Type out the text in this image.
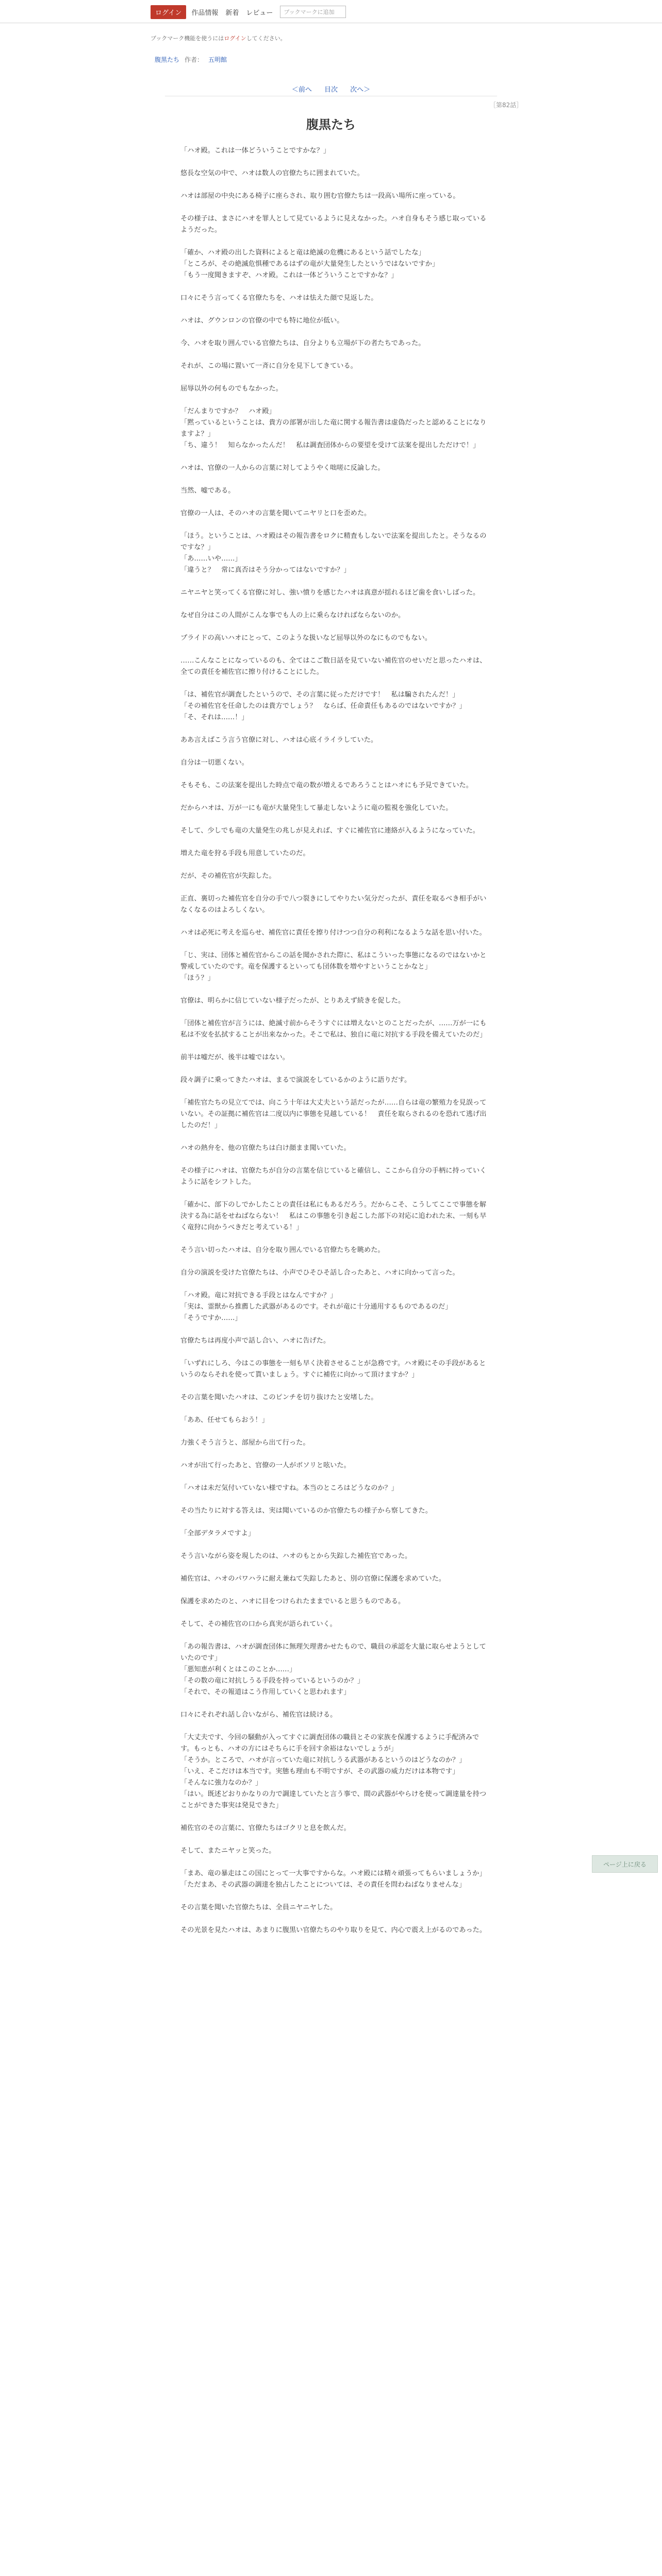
ログイン	作品情報 新着 レビュー	ブックマークに追加
ブックマーク機能を使うにはログインしてください。
腹黒たち 作者： 五明館
＜前へ 目次 次へ＞
［第82話］
腹黒たち

「ハオ殿。これは一体どういうことですかな？」

悠長な空気の中で、ハオは数人の官僚たちに囲まれていた。

ハオは部屋の中央にある椅子に座らされ、取り囲む官僚たちは一段高い場所に座っている。

その様子は、まさにハオを罪人として見ているように見えなかった。ハオ自身もそう感じ取っているようだった。

「確か、ハオ殿の出した資料によると竜は絶滅の危機にあるという話でしたな」
「ところが、その絶滅危惧種であるはずの竜が大量発生したというではないですか」
「もう一度聞きますぞ、ハオ殿。これは一体どういうことですかな？」

口々にそう言ってくる官僚たちを、ハオは怯えた顔で見返した。

ハオは、グウンロンの官僚の中でも特に地位が低い。

今、ハオを取り囲んでいる官僚たちは、自分よりも立場が下の者たちであった。

それが、この場に置いて一斉に自分を見下してきている。

屈辱以外の何ものでもなかった。

「だんまりですか？　ハオ殿」
「黙っているということは、貴方の部署が出した竜に関する報告書は虚偽だったと認めることになりますよ？」
「ち、違う！　知らなかったんだ！　私は調査団体からの要望を受けて法案を提出しただけで！」

ハオは、官僚の一人からの言葉に対してようやく咄嗟に反論した。

当然、嘘である。

官僚の一人は、そのハオの言葉を聞いてニヤリと口を歪めた。

「ほう。ということは、ハオ殿はその報告書をロクに精査もしないで法案を提出したと。そうなるのですな？」
「あ……いや……」
「違うと？　常に真否はそう分かってはないですか？」

ニヤニヤと笑ってくる官僚に対し、強い憤りを感じたハオは真意が揺れるほど歯を食いしばった。

なぜ自分はこの人間がこんな事でも人の上に乗らなければならないのか。

プライドの高いハオにとって、このような扱いなど屈辱以外のなにものでもない。

……こんなことになっているのも、全てはこご数日話を見ていない補佐官のせいだと思ったハオは、全ての責任を補佐官に擦り付けることにした。

「は、補佐官が調査したというので、その言葉に従っただけです！　私は騙されたんだ！」
「その補佐官を任命したのは貴方でしょう？　ならば、任命責任もあるのではないですか？」
「そ、それは……！」

ああ言えばこう言う官僚に対し、ハオは心底イライラしていた。

自分は一切悪くない。

そもそも、この法案を提出した時点で竜の数が増えるであろうことはハオにも予見できていた。

だからハオは、万が一にも竜が大量発生して暴走しないように竜の監視を強化していた。

そして、少しでも竜の大量発生の兆しが見えれば、すぐに補佐官に連絡が入るようになっていた。

増えた竜を狩る手段も用意していたのだ。

だが、その補佐官が失踪した。

正直、裏切った補佐官を自分の手で八つ裂きにしてやりたい気分だったが、責任を取るべき相手がいなくなるのはよろしくない。

ハオは必死に考えを巡らせ、補佐官に責任を擦り付けつつ自分の利利になるような話を思い付いた。

「じ、実は、団体と補佐官からこの話を聞かされた際に、私はこういった事態になるのではないかと警戒していたのです。竜を保護するといっても団体数を増やすということかなと」
「ほう？」

官僚は、明らかに信じていない様子だったが、とりあえず続きを促した。

「団体と補佐官が言うには、絶滅寸前からそうすぐには増えないとのことだったが、……万が一にも私は不安を払拭することが出来なかった。そこで私は、独自に竜に対抗する手段を備えていたのだ」

前半は嘘だが、後半は嘘ではない。

段々調子に乗ってきたハオは、まるで演説をしているかのように語りだす。

「補佐官たちの見立てでは、向こう十年は大丈夫という話だったが……自らは竜の繁殖力を見誤っていない。その証拠に補佐官は二度以内に事態を見越している！　責任を取らされるのを恐れて逃げ出したのだ！」

ハオの熱弁を、他の官僚たちは白け顔まま聞いていた。

その様子にハオは、官僚たちが自分の言葉を信じていると確信し、ここから自分の手柄に持っていくように話をシフトした。

「確かに、部下のしでかしたことの責任は私にもあるだろう。だからこそ、こうしてここで事態を解決する為に話をせねばならない！　私はこの事態を引き起こした部下の対応に追われた末、一刻も早く竜狩に向かうべきだと考えている！」

そう言い切ったハオは、自分を取り囲んでいる官僚たちを眺めた。

自分の演説を受けた官僚たちは、小声でひそひそ話し合ったあと、ハオに向かって言った。

「ハオ殿。竜に対抗できる手段とはなんですか？」
「実は、霊獣から推薦した武器があるのです。それが竜に十分通用するものであるのだ」
「そうですか……」

官僚たちは再度小声で話し合い、ハオに告げた。

「いずれにしろ、今はこの事態を一刻も早く決着させることが急務です。ハオ殿にその手段があるというのならそれを使って貰いましょう。すぐに補佐に向かって頂けますか？」

その言葉を聞いたハオは、このピンチを切り抜けたと安堵した。

「ああ、任せてもらおう！」

力強くそう言うと、部屋から出て行った。

ハオが出て行ったあと、官僚の一人がボソリと呟いた。

「ハオは未だ気付いていない様ですね。本当のところはどうなのか？」

その当たりに対する答えは、実は聞いているのか官僚たちの様子から察してきた。

「全部デタラメですよ」

そう言いながら姿を現したのは、ハオのもとから失踪した補佐官であった。

補佐官は、ハオのパワハラに耐え兼ねて失踪したあと、別の官僚に保護を求めていた。

保護を求めたのと、ハオに目をつけられたままでいると思うものである。

そして、その補佐官の口から真実が語られていく。

「あの報告書は、ハオが調査団体に無理矢理書かせたもので、職員の承認を大量に取らせようとしていたのです」
「悪知恵が利くとはこのことか……」
「その数の竜に対抗しうる手段を持っているというのか？」
「それで、その報道はこう作用していくと思われます」

口々にそれぞれ話し合いながら、補佐官は続ける。

「大丈夫です、今回の騒動が入ってすぐに調査団体の職員とその家族を保護するように手配済みです。もっとも、ハオの方にはそちらに手を回す余裕はないでしょうが」
「そうか。ところで、ハオが言っていた竜に対抗しうる武器があるというのはどうなのか？」
「いえ、そこだけは本当です。実態も理由も不明ですが、その武器の威力だけは本物です」
「そんなに強力なのか？」
「はい。既述どおりかなりの力で調達していたと言う事で、間の武器がやらけを使って調達量を持つことができた事実は発見できた」

補佐官のその言葉に、官僚たちはゴクリと息を飲んだ。

そして、またニヤッと笑った。

「まあ、竜の暴走はこの国にとって一大事ですからな。ハオ殿には精々頑張ってもらいましょうか」
「ただまあ、その武器の調達を独占したことについては、その責任を問わねばなりませんな」

その言葉を聞いた官僚たちは、全員ニヤニヤした。

その光景を見たハオは、あまりに腹黒い官僚たちのやり取りを見て、内心で震え上がるのであった。

ページ上に戻る
